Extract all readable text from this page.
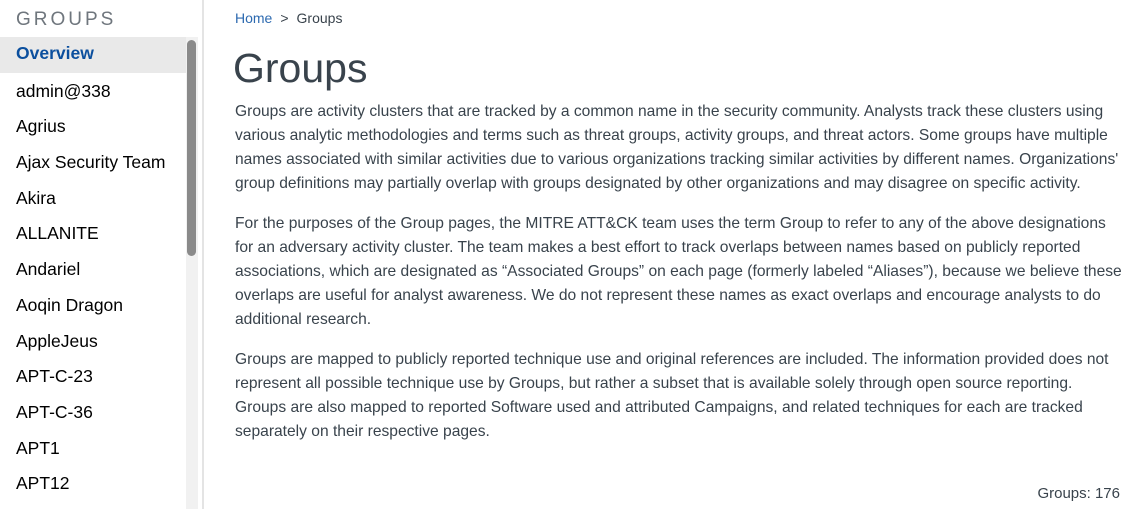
GROUPS
Overview
admin@338
Agrius
Ajax Security Team
Akira
ALLANITE
Andariel
Aoqin Dragon
AppleJeus
APT-C-23
APT-C-36
APT1
APT12
Home > Groups
Groups

Groups are activity clusters that are tracked by a common name in the security community. Analysts track these clusters using various analytic methodologies and terms such as threat groups, activity groups, and threat actors. Some groups have multiple names associated with similar activities due to various organizations tracking similar activities by different names. Organizations' group definitions may partially overlap with groups designated by other organizations and may disagree on specific activity.

For the purposes of the Group pages, the MITRE ATT&CK team uses the term Group to refer to any of the above designations for an adversary activity cluster. The team makes a best effort to track overlaps between names based on publicly reported associations, which are designated as “Associated Groups” on each page (formerly labeled “Aliases”), because we believe these overlaps are useful for analyst awareness. We do not represent these names as exact overlaps and encourage analysts to do additional research.

Groups are mapped to publicly reported technique use and original references are included. The information provided does not represent all possible technique use by Groups, but rather a subset that is available solely through open source reporting. Groups are also mapped to reported Software used and attributed Campaigns, and related techniques for each are tracked separately on their respective pages.

Groups: 176
